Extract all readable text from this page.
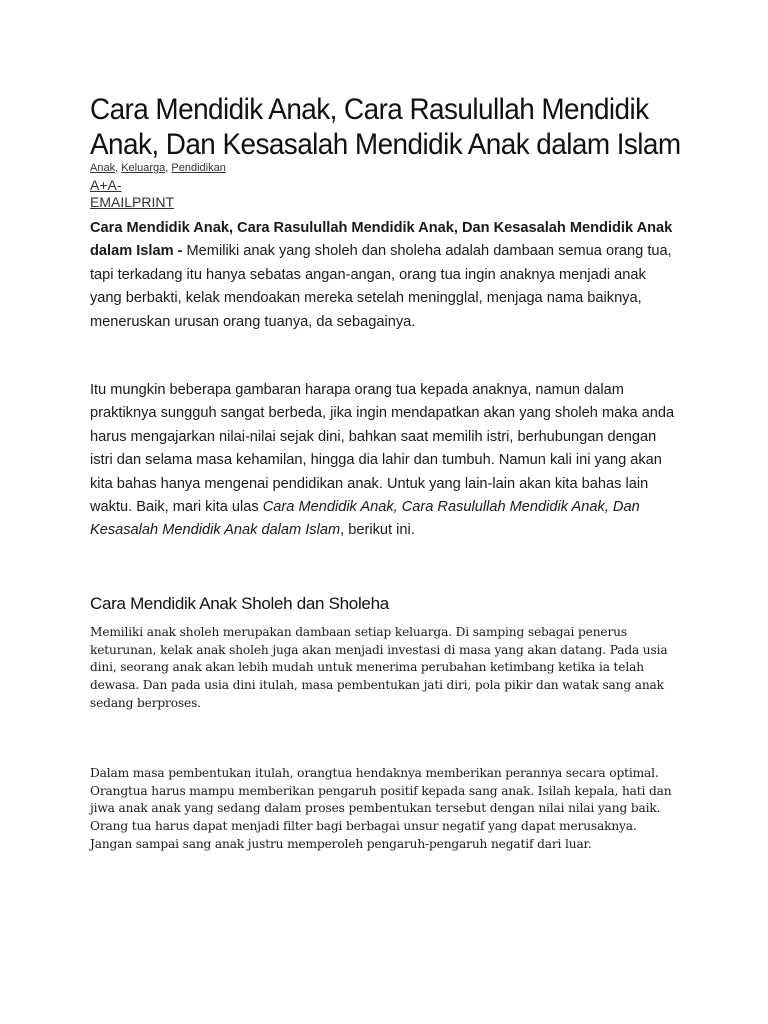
Cara Mendidik Anak, Cara Rasulullah Mendidik Anak, Dan Kesasalah Mendidik Anak dalam Islam
Anak, Keluarga, Pendidikan
A+A-
EMAILPRINT

Cara Mendidik Anak, Cara Rasulullah Mendidik Anak, Dan Kesasalah Mendidik Anak dalam Islam - Memiliki anak yang sholeh dan sholeha adalah dambaan semua orang tua, tapi terkadang itu hanya sebatas angan-angan, orang tua ingin anaknya menjadi anak yang berbakti, kelak mendoakan mereka setelah meningglal, menjaga nama baiknya, meneruskan urusan orang tuanya, da sebagainya.

Itu mungkin beberapa gambaran harapa orang tua kepada anaknya, namun dalam praktiknya sungguh sangat berbeda, jika ingin mendapatkan akan yang sholeh maka anda harus mengajarkan nilai-nilai sejak dini, bahkan saat memilih istri, berhubungan dengan istri dan selama masa kehamilan, hingga dia lahir dan tumbuh. Namun kali ini yang akan kita bahas hanya mengenai pendidikan anak. Untuk yang lain-lain akan kita bahas lain waktu. Baik, mari kita ulas Cara Mendidik Anak, Cara Rasulullah Mendidik Anak, Dan Kesasalah Mendidik Anak dalam Islam, berikut ini.

Cara Mendidik Anak Sholeh dan Sholeha

Memiliki anak sholeh merupakan dambaan setiap keluarga. Di samping sebagai penerus keturunan, kelak anak sholeh juga akan menjadi investasi di masa yang akan datang. Pada usia dini, seorang anak akan lebih mudah untuk menerima perubahan ketimbang ketika ia telah dewasa. Dan pada usia dini itulah, masa pembentukan jati diri, pola pikir dan watak sang anak sedang berproses.

Dalam masa pembentukan itulah, orangtua hendaknya memberikan perannya secara optimal. Orangtua harus mampu memberikan pengaruh positif kepada sang anak. Isilah kepala, hati dan jiwa anak anak yang sedang dalam proses pembentukan tersebut dengan nilai nilai yang baik. Orang tua harus dapat menjadi filter bagi berbagai unsur negatif yang dapat merusaknya. Jangan sampai sang anak justru memperoleh pengaruh-pengaruh negatif dari luar.
